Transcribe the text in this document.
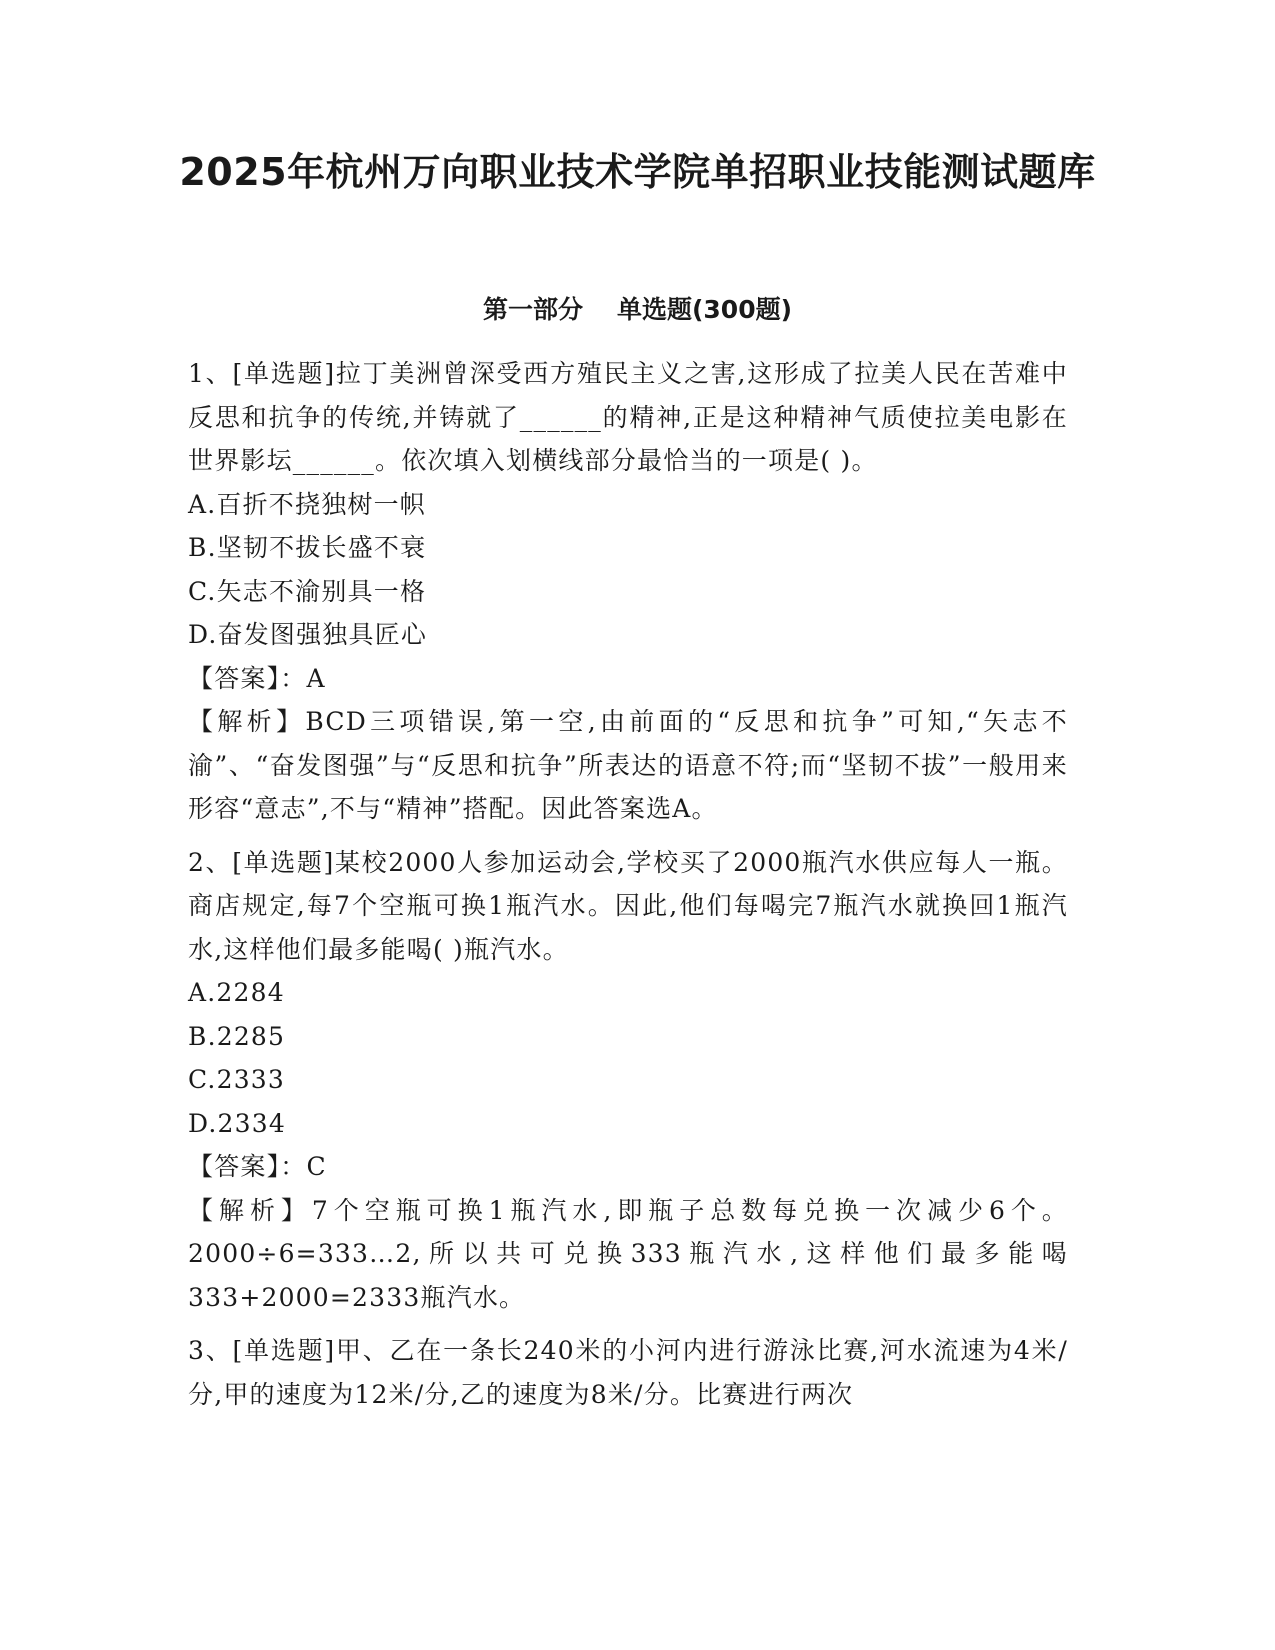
2025年杭州万向职业技术学院单招职业技能测试题库
第一部分 单选题(300题)

1、[单选题]拉丁美洲曾深受西方殖民主义之害,这形成了拉美人民在苦难中反思和抗争的传统,并铸就了______的精神,正是这种精神气质使拉美电影在世界影坛______。依次填入划横线部分最恰当的一项是( )。

A.百折不挠独树一帜

B.坚韧不拔长盛不衰

C.矢志不渝别具一格

D.奋发图强独具匠心

【答案】：A

【解析】BCD三项错误,第一空,由前面的“反思和抗争”可知,“矢志不渝”、“奋发图强”与“反思和抗争”所表达的语意不符;而“坚韧不拔”一般用来形容“意志”,不与“精神”搭配。因此答案选A。

2、[单选题]某校2000人参加运动会,学校买了2000瓶汽水供应每人一瓶。商店规定,每7个空瓶可换1瓶汽水。因此,他们每喝完7瓶汽水就换回1瓶汽水,这样他们最多能喝( )瓶汽水。

A.2284

B.2285

C.2333

D.2334

【答案】：C

【解析】7个空瓶可换1瓶汽水,即瓶子总数每兑换一次减少6个。2000÷6=333…2,所以共可兑换333瓶汽水,这样他们最多能喝333+2000=2333瓶汽水。

3、[单选题]甲、乙在一条长240米的小河内进行游泳比赛,河水流速为4米/分,甲的速度为12米/分,乙的速度为8米/分。比赛进行两次
